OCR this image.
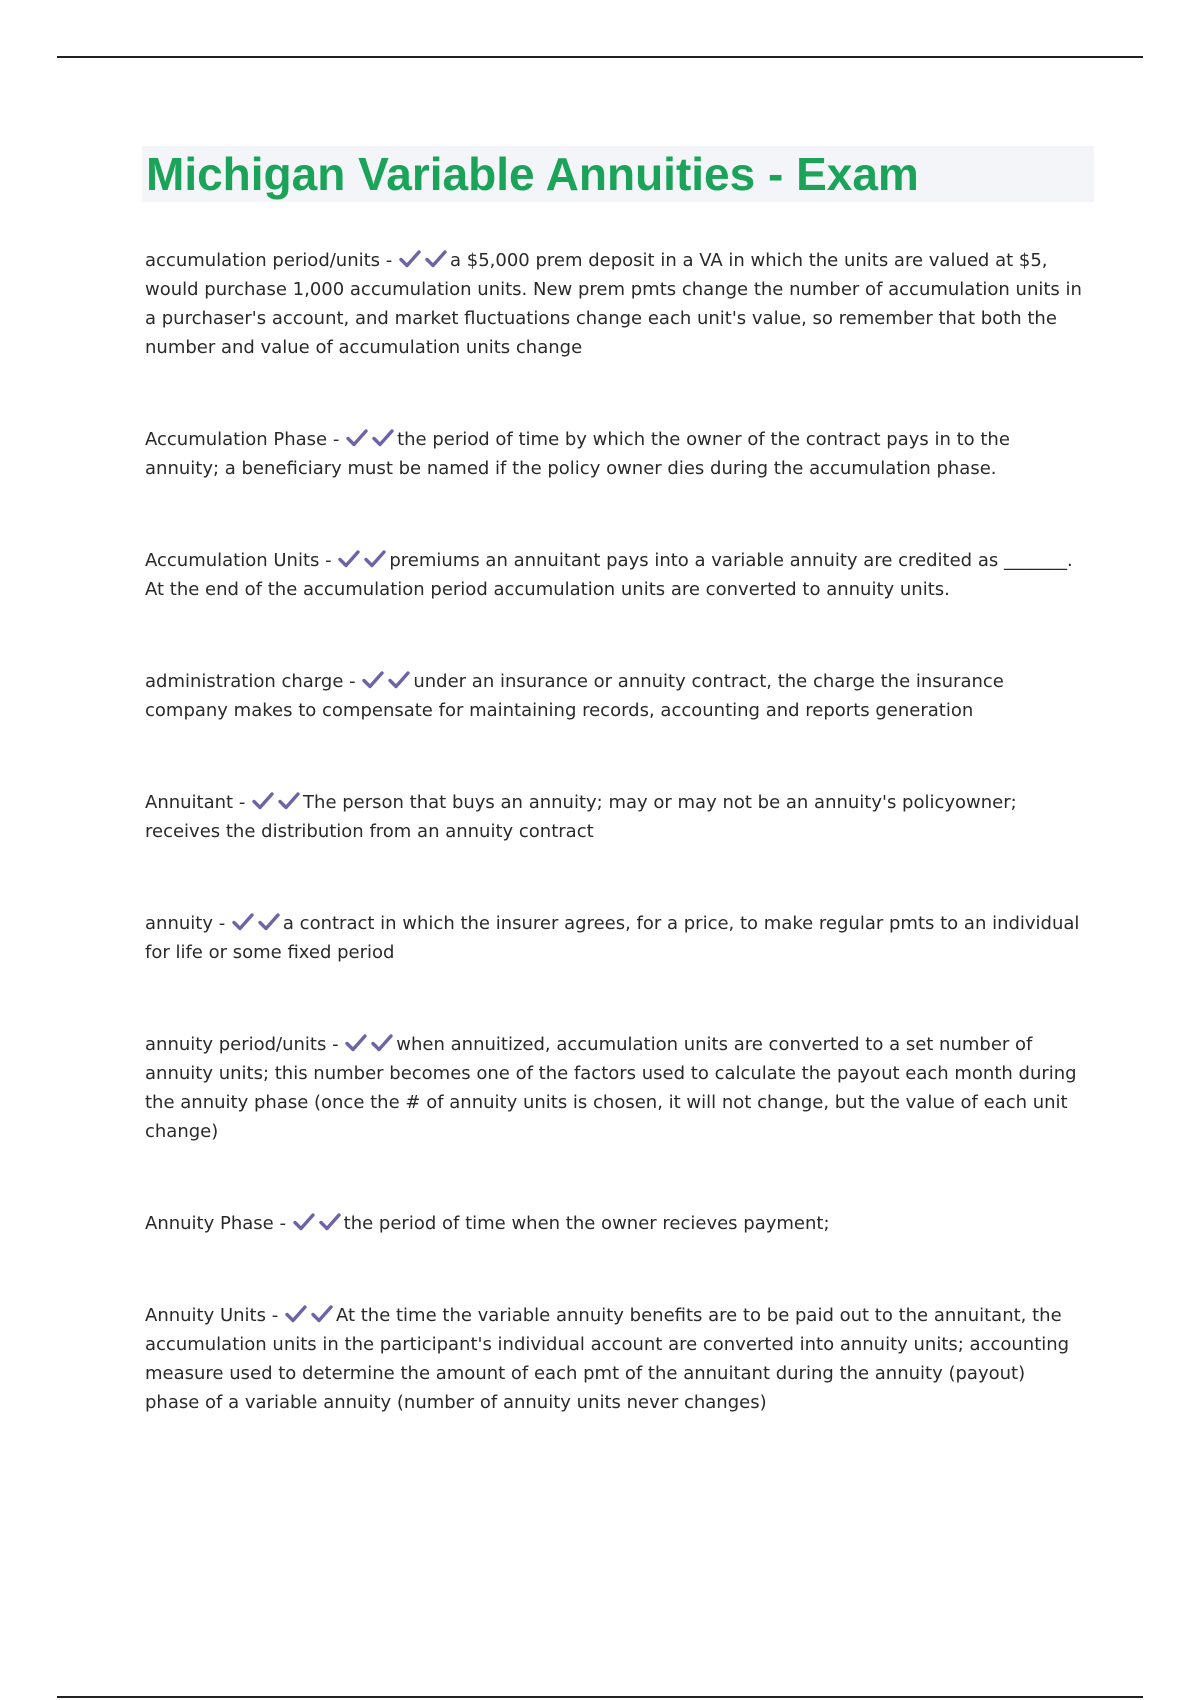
Michigan Variable Annuities - Exam

accumulation period/units -	a $5,000 prem deposit in a VA in which the units are valued at $5, would purchase 1,000 accumulation units. New prem pmts change the number of accumulation units in a purchaser's account, and market fluctuations change each unit's value, so remember that both the number and value of accumulation units change

Accumulation Phase -	the period of time by which the owner of the contract pays in to the annuity; a beneficiary must be named if the policy owner dies during the accumulation phase.

Accumulation Units -	premiums an annuitant pays into a variable annuity are credited as _______. At the end of the accumulation period accumulation units are converted to annuity units.

administration charge -	under an insurance or annuity contract, the charge the insurance company makes to compensate for maintaining records, accounting and reports generation

Annuitant -	The person that buys an annuity; may or may not be an annuity's policyowner; receives the distribution from an annuity contract

annuity -	a contract in which the insurer agrees, for a price, to make regular pmts to an individual for life or some fixed period

annuity period/units -	when annuitized, accumulation units are converted to a set number of annuity units; this number becomes one of the factors used to calculate the payout each month during the annuity phase (once the # of annuity units is chosen, it will not change, but the value of each unit change)

Annuity Phase -	the period of time when the owner recieves payment;

Annuity Units -	At the time the variable annuity benefits are to be paid out to the annuitant, the accumulation units in the participant's individual account are converted into annuity units; accounting measure used to determine the amount of each pmt of the annuitant during the annuity (payout) phase of a variable annuity (number of annuity units never changes)
